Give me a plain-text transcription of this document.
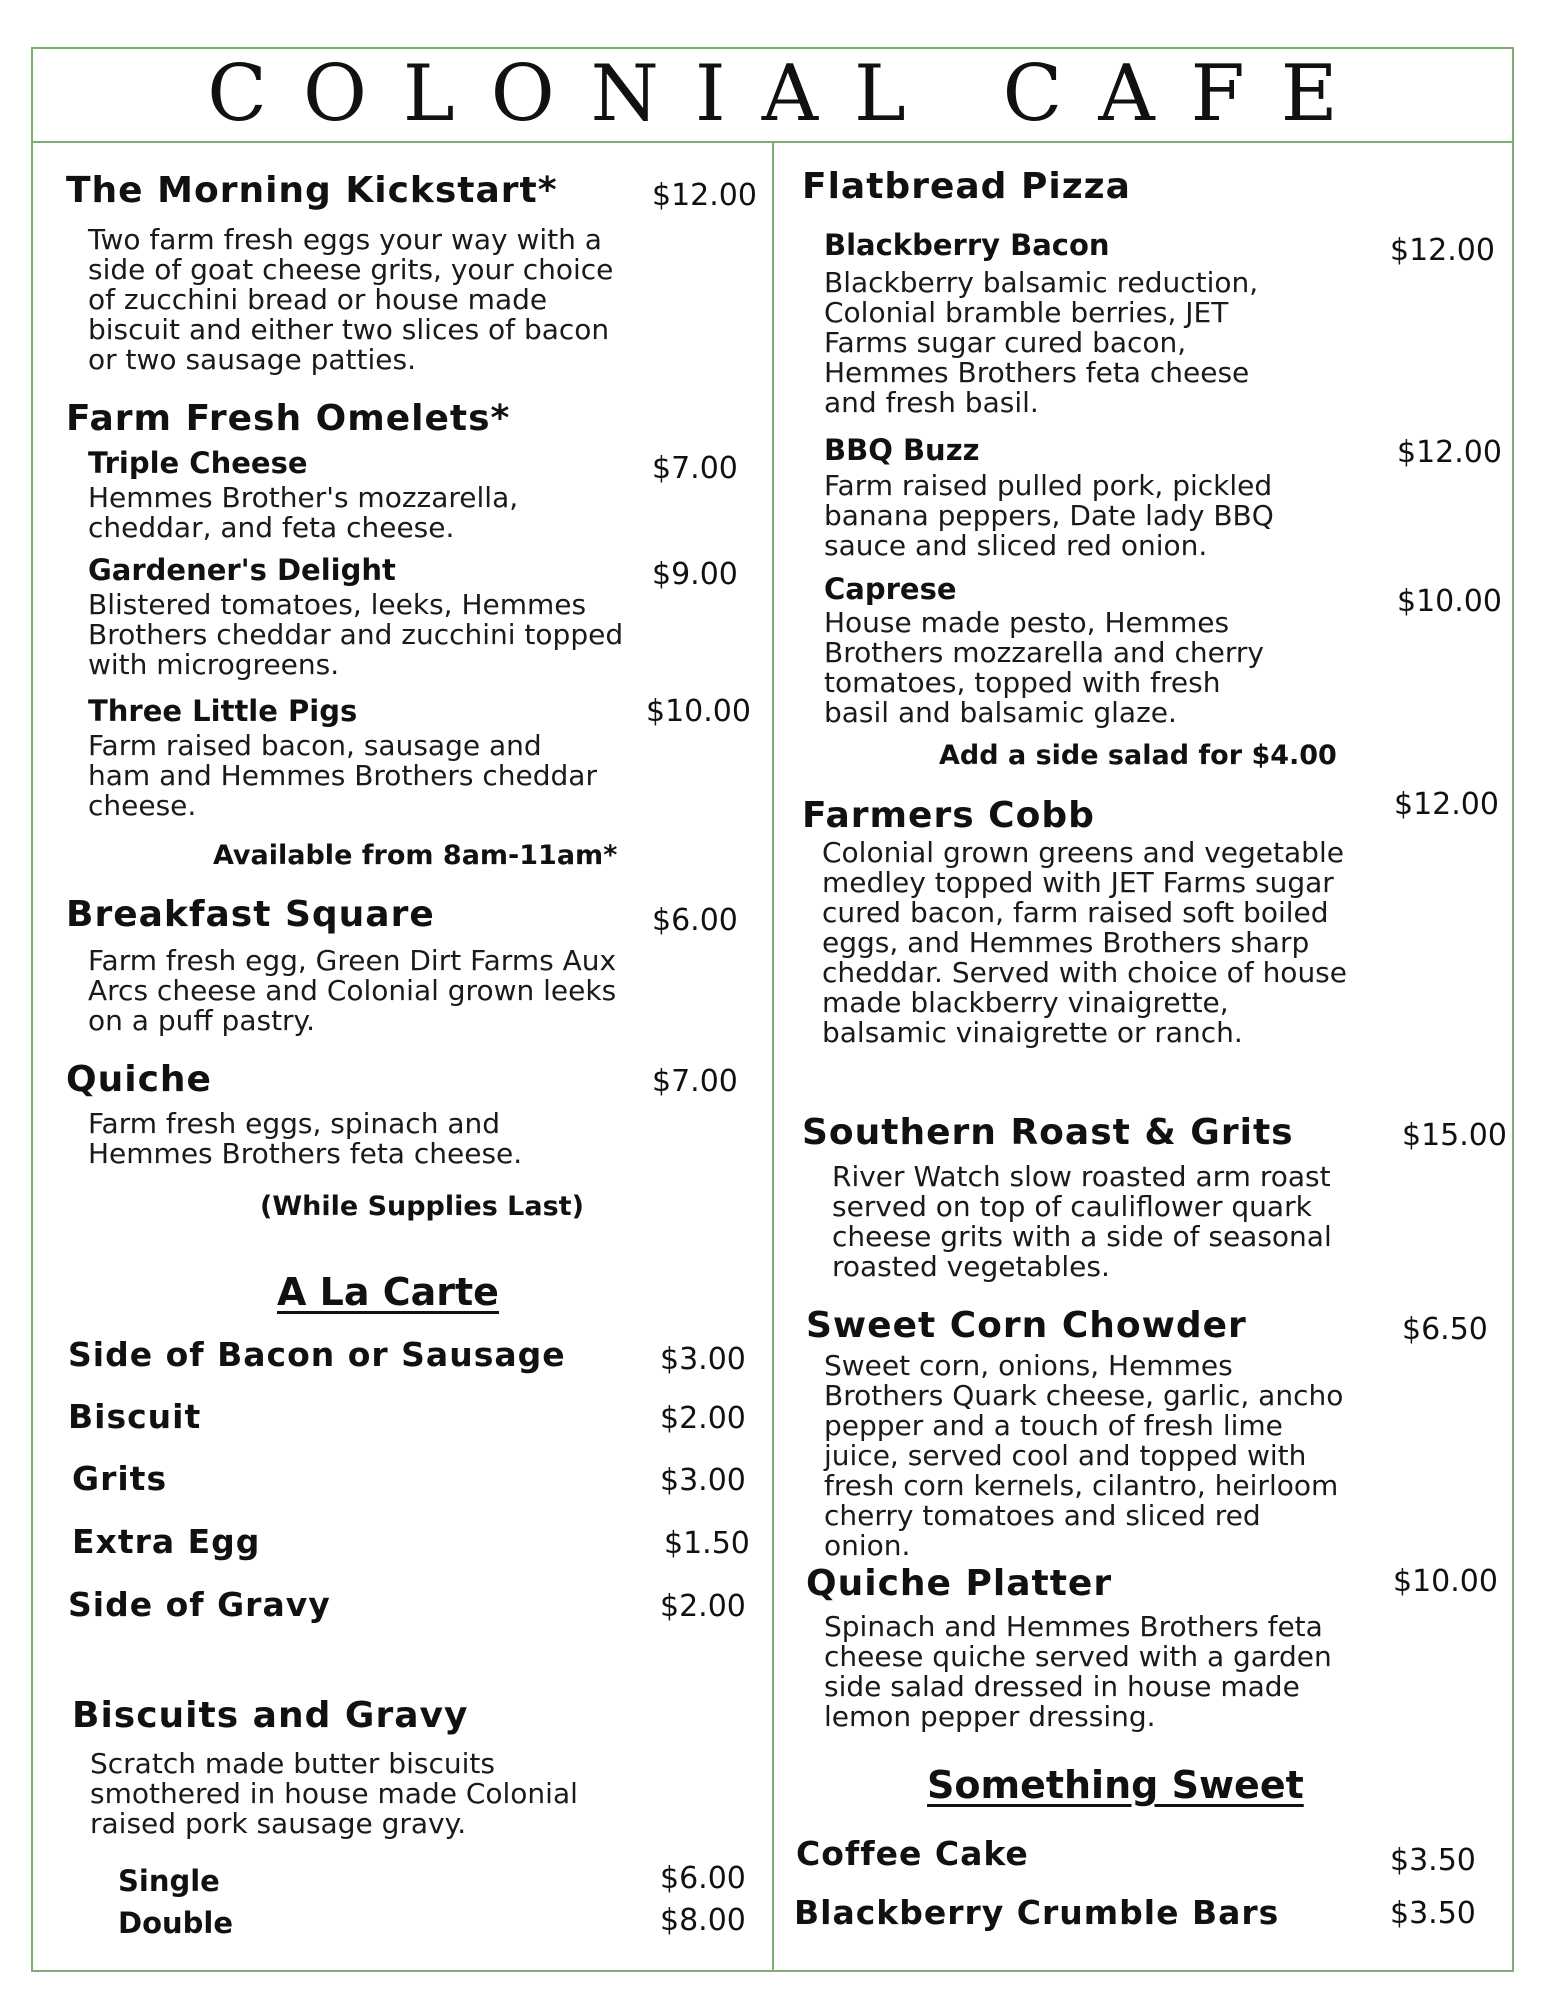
COLONIAL CAFE
The Morning Kickstart*	$12.00
Two farm fresh eggs your way with a side of goat cheese grits, your choice of zucchini bread or house made biscuit and either two slices of bacon or two sausage patties.
Farm Fresh Omelets*
Triple Cheese	$7.00
Hemmes Brother's mozzarella, cheddar, and feta cheese.
Gardener's Delight	$9.00
Blistered tomatoes, leeks, Hemmes Brothers cheddar and zucchini topped with microgreens.
Three Little Pigs	$10.00
Farm raised bacon, sausage and ham and Hemmes Brothers cheddar cheese.
Available from 8am-11am*
Breakfast Square	$6.00
Farm fresh egg, Green Dirt Farms Aux Arcs cheese and Colonial grown leeks on a puff pastry.
Quiche	$7.00
Farm fresh eggs, spinach and Hemmes Brothers feta cheese.
(While Supplies Last)
A La Carte
Side of Bacon or Sausage	$3.00
Biscuit	$2.00
Grits	$3.00
Extra Egg	$1.50
Side of Gravy	$2.00
Biscuits and Gravy
Scratch made butter biscuits smothered in house made Colonial raised pork sausage gravy.
Single	$6.00
Double	$8.00
Flatbread Pizza
Blackberry Bacon	$12.00
Blackberry balsamic reduction, Colonial bramble berries, JET Farms sugar cured bacon, Hemmes Brothers feta cheese and fresh basil.
BBQ Buzz	$12.00
Farm raised pulled pork, pickled banana peppers, Date lady BBQ sauce and sliced red onion.
Caprese	$10.00
House made pesto, Hemmes Brothers mozzarella and cherry tomatoes, topped with fresh basil and balsamic glaze.
Add a side salad for $4.00
Farmers Cobb	$12.00
Colonial grown greens and vegetable medley topped with JET Farms sugar cured bacon, farm raised soft boiled eggs, and Hemmes Brothers sharp cheddar. Served with choice of house made blackberry vinaigrette, balsamic vinaigrette or ranch.
Southern Roast & Grits	$15.00
River Watch slow roasted arm roast served on top of cauliflower quark cheese grits with a side of seasonal roasted vegetables.
Sweet Corn Chowder	$6.50
Sweet corn, onions, Hemmes Brothers Quark cheese, garlic, ancho pepper and a touch of fresh lime juice, served cool and topped with fresh corn kernels, cilantro, heirloom cherry tomatoes and sliced red onion.
Quiche Platter	$10.00
Spinach and Hemmes Brothers feta cheese quiche served with a garden side salad dressed in house made lemon pepper dressing.
Something Sweet
Coffee Cake	$3.50
Blackberry Crumble Bars	$3.50
